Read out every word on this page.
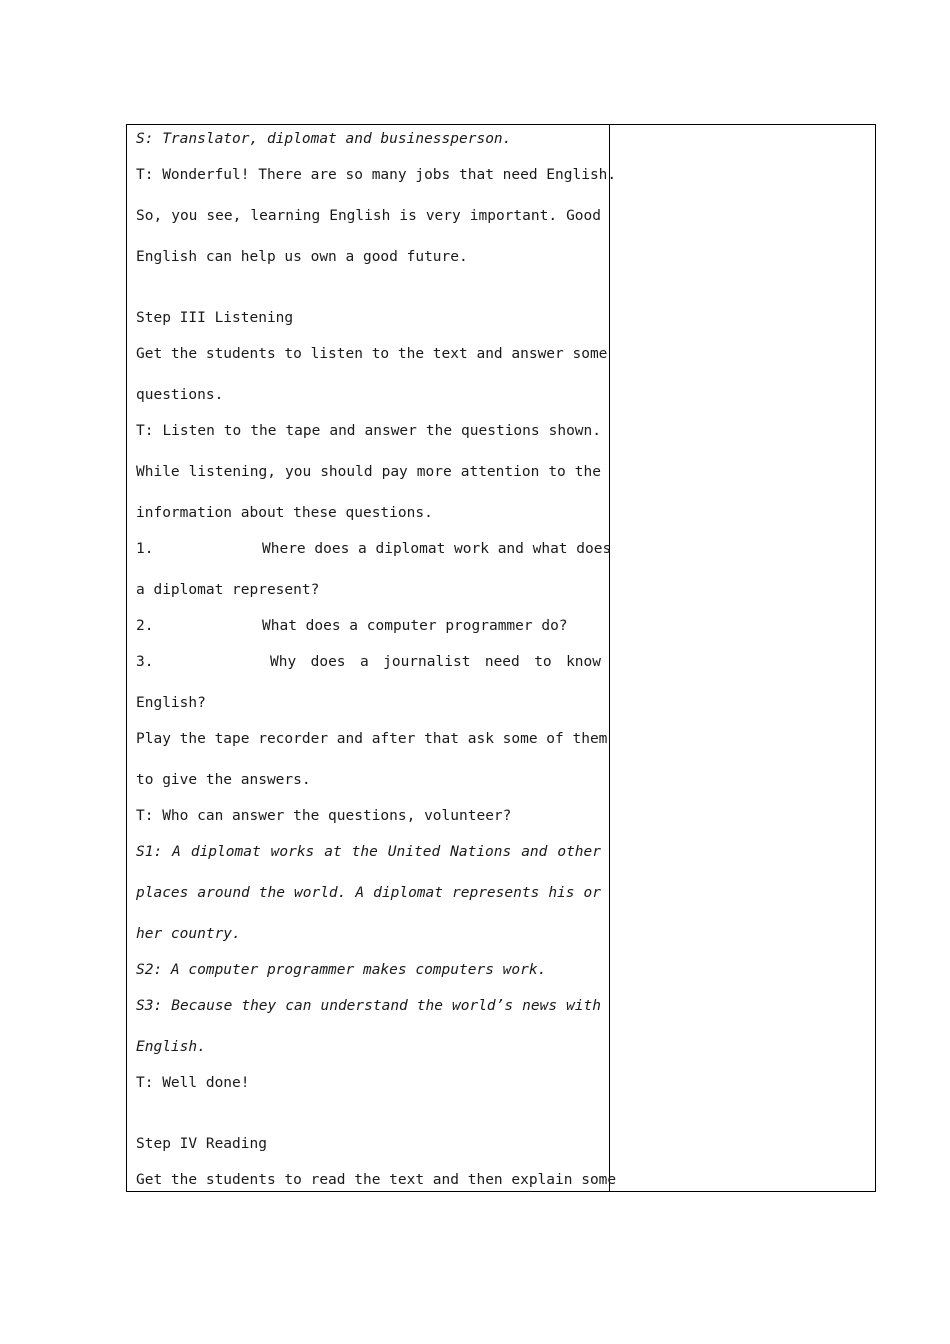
S: Translator, diplomat and businessperson.
T: Wonderful! There are so many jobs that need English.
So, you see, learning English is very important. Good
English can help us own a good future.
Step III Listening
Get the students to listen to the text and answer some
questions.
T: Listen to the tape and answer the questions shown.
While listening, you should pay more attention to the
information about these questions.
1.	Where does a diplomat work and what does
a diplomat represent?
2.	What does a computer programmer do?
3.	Why does a journalist need to know
English?
Play the tape recorder and after that ask some of them
to give the answers.
T: Who can answer the questions, volunteer?
S1: A diplomat works at the United Nations and other
places around the world. A diplomat represents his or
her country.
S2: A computer programmer makes computers work.
S3: Because they can understand the world’s news with
English.
T: Well done!
Step IV Reading
Get the students to read the text and then explain some
